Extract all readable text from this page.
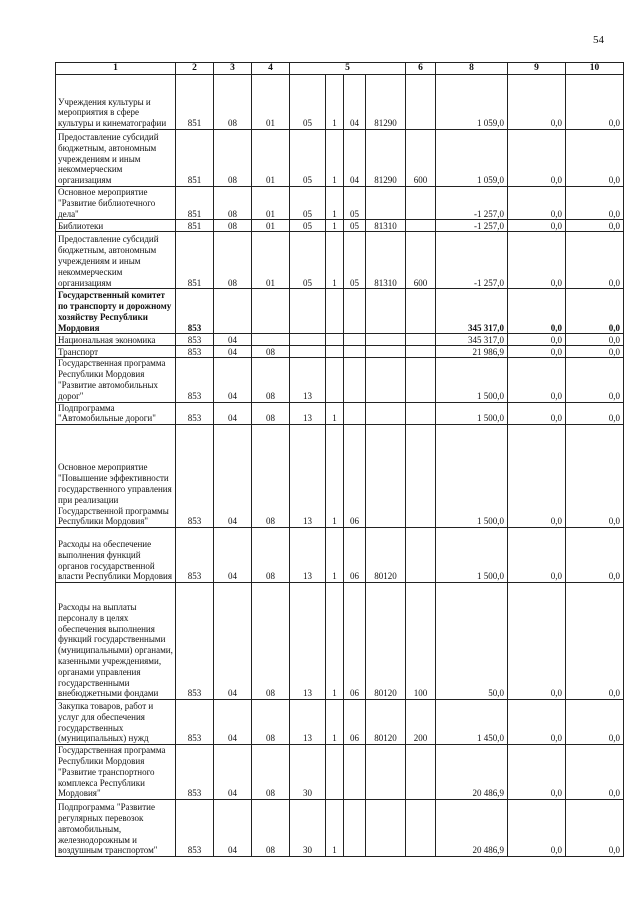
54
1	2	3	4	5				6	8	9	10
Учреждения культуры и мероприятия в сфере культуры и кинематографии	851	08	01	05	1	04	81290		1 059,0	0,0	0,0
Предоставление субсидий бюджетным, автономным учреждениям и иным некоммерческим организациям	851	08	01	05	1	04	81290	600	1 059,0	0,0	0,0
Основное мероприятие "Развитие библиотечного дела"	851	08	01	05	1	05			-1 257,0	0,0	0,0
Библиотеки	851	08	01	05	1	05	81310		-1 257,0	0,0	0,0
Предоставление субсидий бюджетным, автономным учреждениям и иным некоммерческим организациям	851	08	01	05	1	05	81310	600	-1 257,0	0,0	0,0
Государственный комитет по транспорту и дорожному хозяйству Республики Мордовия	853								345 317,0	0,0	0,0
Национальная экономика	853	04							345 317,0	0,0	0,0
Транспорт	853	04	08						21 986,9	0,0	0,0
Государственная программа Республики Мордовия "Развитие автомобильных дорог"	853	04	08	13					1 500,0	0,0	0,0
Подпрограмма "Автомобильные дороги"	853	04	08	13	1				1 500,0	0,0	0,0
Основное мероприятие "Повышение эффективности государственного управления при реализации Государственной программы Республики Мордовия"	853	04	08	13	1	06			1 500,0	0,0	0,0
Расходы на обеспечение выполнения функций органов государственной власти Республики Мордовия	853	04	08	13	1	06	80120		1 500,0	0,0	0,0
Расходы на выплаты персоналу в целях обеспечения выполнения функций государственными (муниципальными) органами, казенными учреждениями, органами управления государственными внебюджетными фондами	853	04	08	13	1	06	80120	100	50,0	0,0	0,0
Закупка товаров, работ и услуг для обеспечения государственных (муниципальных) нужд	853	04	08	13	1	06	80120	200	1 450,0	0,0	0,0
Государственная программа Республики Мордовия "Развитие транспортного комплекса Республики Мордовия"	853	04	08	30					20 486,9	0,0	0,0
Подпрограмма "Развитие регулярных перевозок автомобильным, железнодорожным и воздушным транспортом"	853	04	08	30	1				20 486,9	0,0	0,0
